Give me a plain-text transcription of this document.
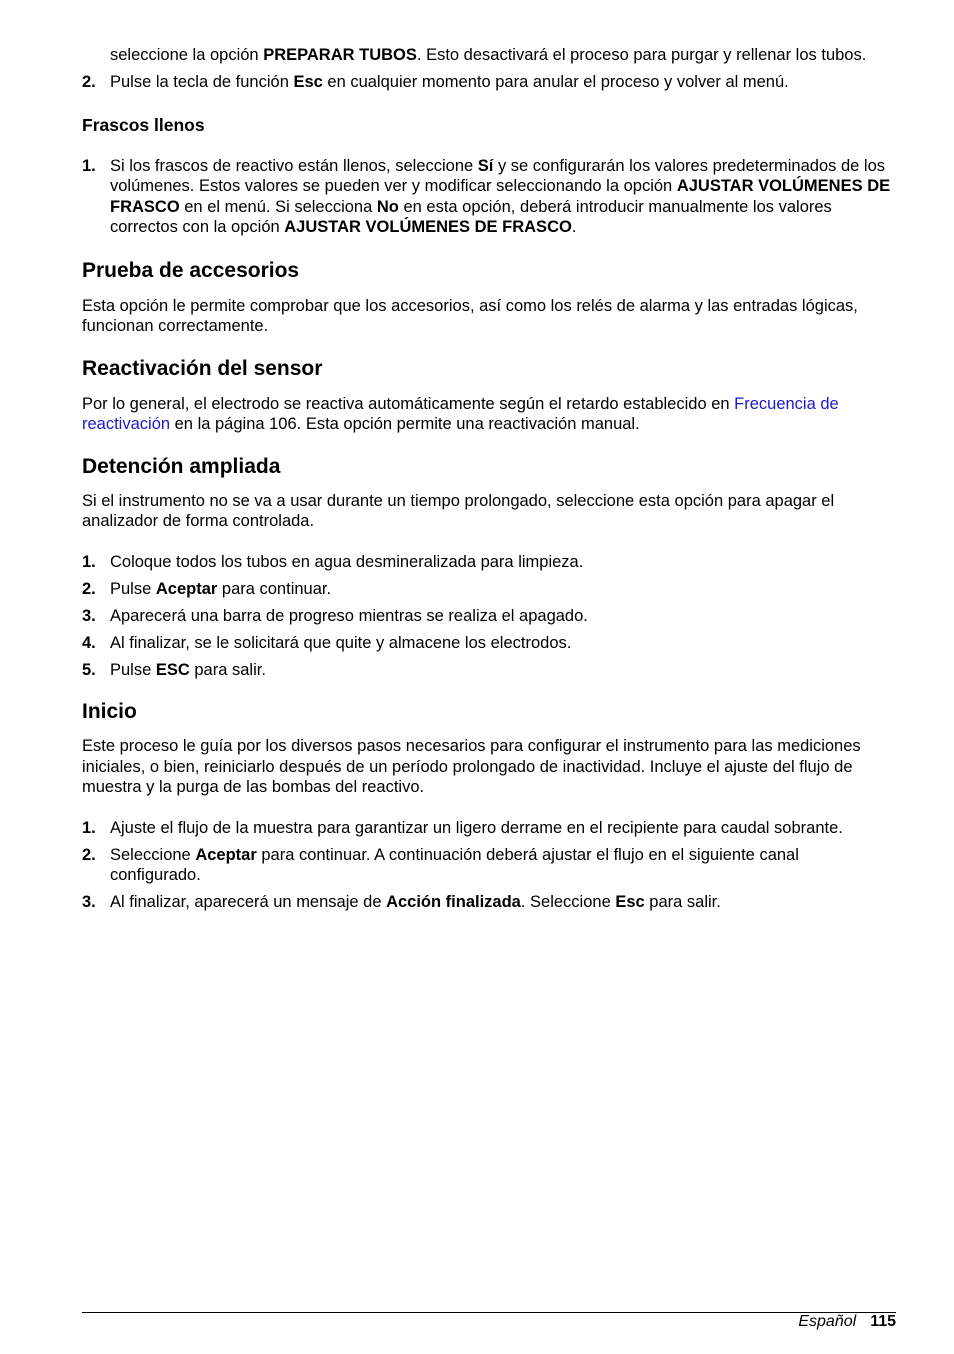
seleccione la opción PREPARAR TUBOS. Esto desactivará el proceso para purgar y rellenar los tubos.

2. Pulse la tecla de función Esc en cualquier momento para anular el proceso y volver al menú.
Frascos llenos
1. Si los frascos de reactivo están llenos, seleccione Sí y se configurarán los valores predeterminados de los volúmenes. Estos valores se pueden ver y modificar seleccionando la opción AJUSTAR VOLÚMENES DE FRASCO en el menú. Si selecciona No en esta opción, deberá introducir manualmente los valores correctos con la opción AJUSTAR VOLÚMENES DE FRASCO.
Prueba de accesorios

Esta opción le permite comprobar que los accesorios, así como los relés de alarma y las entradas lógicas, funcionan correctamente.

Reactivación del sensor

Por lo general, el electrodo se reactiva automáticamente según el retardo establecido en Frecuencia de reactivación en la página 106. Esta opción permite una reactivación manual.

Detención ampliada

Si el instrumento no se va a usar durante un tiempo prolongado, seleccione esta opción para apagar el analizador de forma controlada.

1. Coloque todos los tubos en agua desmineralizada para limpieza.
2. Pulse Aceptar para continuar.
3. Aparecerá una barra de progreso mientras se realiza el apagado.
4. Al finalizar, se le solicitará que quite y almacene los electrodos.
5. Pulse ESC para salir.
Inicio

Este proceso le guía por los diversos pasos necesarios para configurar el instrumento para las mediciones iniciales, o bien, reiniciarlo después de un período prolongado de inactividad. Incluye el ajuste del flujo de muestra y la purga de las bombas del reactivo.

1. Ajuste el flujo de la muestra para garantizar un ligero derrame en el recipiente para caudal sobrante.
2. Seleccione Aceptar para continuar. A continuación deberá ajustar el flujo en el siguiente canal configurado.
3. Al finalizar, aparecerá un mensaje de Acción finalizada. Seleccione Esc para salir.
Español 115
